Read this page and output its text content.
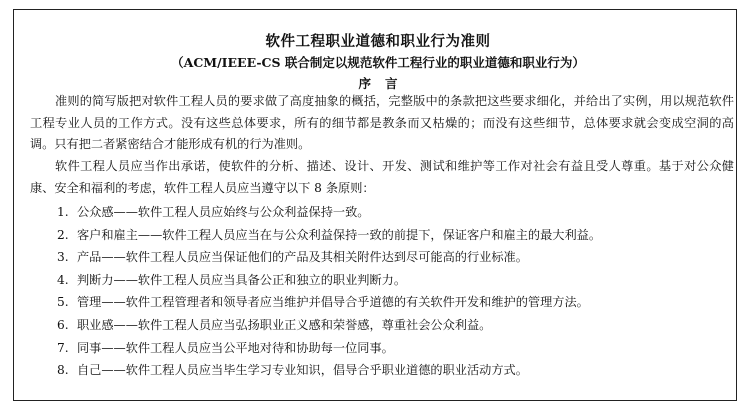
软件工程职业道德和职业行为准则
（ACM/IEEE-CS 联合制定以规范软件工程行业的职业道德和职业行为）
序言

准则的简写版把对软件工程人员的要求做了高度抽象的概括，完整版中的条款把这些要求细化，并给出了实例，用以规范软件工程专业人员的工作方式。没有这些总体要求，所有的细节都是教条而又枯燥的；而没有这些细节，总体要求就会变成空洞的高调。只有把二者紧密结合才能形成有机的行为准则。

软件工程人员应当作出承诺，使软件的分析、描述、设计、开发、测试和维护等工作对社会有益且受人尊重。基于对公众健康、安全和福利的考虑，软件工程人员应当遵守以下 8 条原则：

1. 公众感——软件工程人员应始终与公众利益保持一致。
2. 客户和雇主——软件工程人员应当在与公众利益保持一致的前提下，保证客户和雇主的最大利益。
3. 产品——软件工程人员应当保证他们的产品及其相关附件达到尽可能高的行业标准。
4. 判断力——软件工程人员应当具备公正和独立的职业判断力。
5. 管理——软件工程管理者和领导者应当维护并倡导合乎道德的有关软件开发和维护的管理方法。
6. 职业感——软件工程人员应当弘扬职业正义感和荣誉感，尊重社会公众利益。
7. 同事——软件工程人员应当公平地对待和协助每一位同事。
8. 自己——软件工程人员应当毕生学习专业知识，倡导合乎职业道德的职业活动方式。
